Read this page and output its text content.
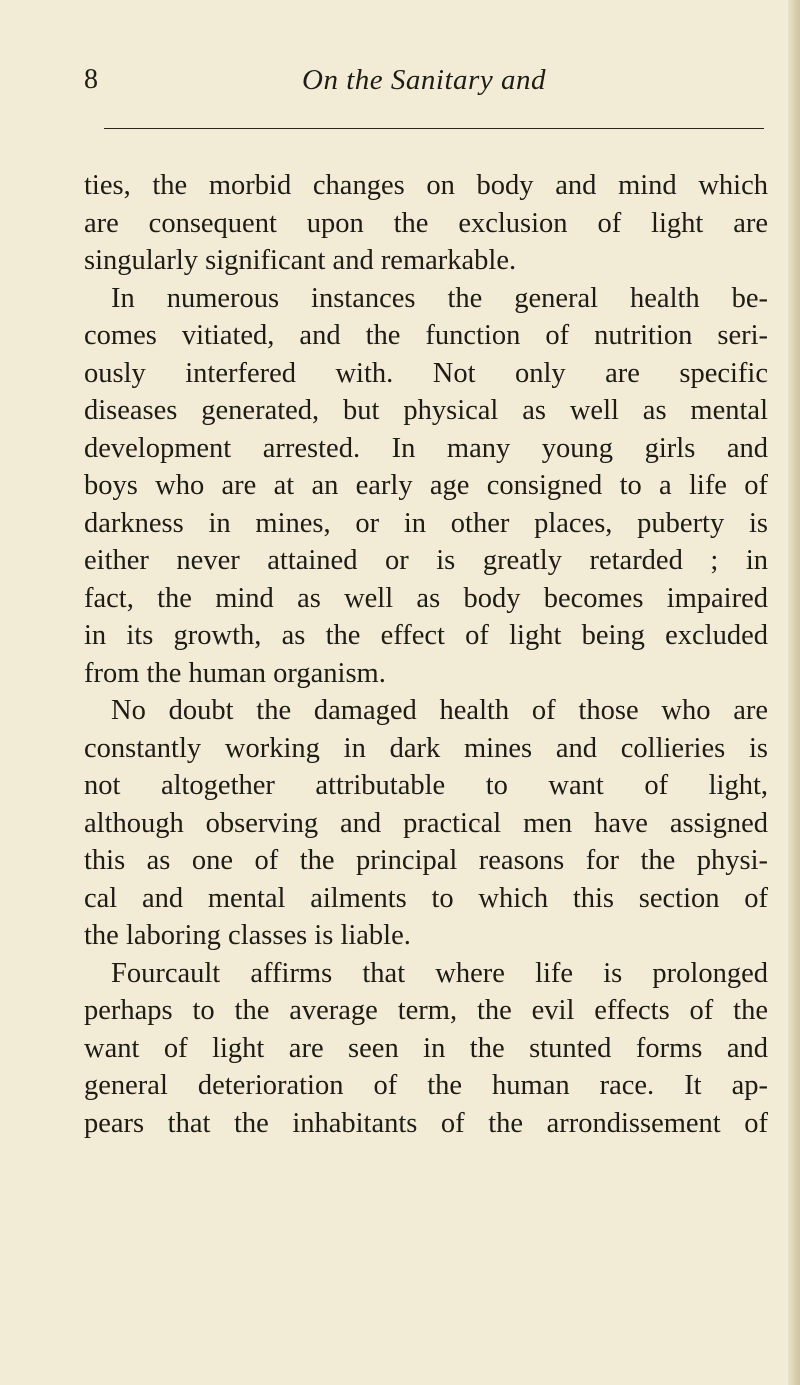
8	On the Sanitary and
ties, the morbid changes on body and mind which
are consequent upon the exclusion of light are
singularly significant and remarkable.
In numerous instances the general health be-
comes vitiated, and the function of nutrition seri-
ously interfered with. Not only are specific
diseases generated, but physical as well as mental
development arrested. In many young girls and
boys who are at an early age consigned to a life of
darkness in mines, or in other places, puberty is
either never attained or is greatly retarded ; in
fact, the mind as well as body becomes impaired
in its growth, as the effect of light being excluded
from the human organism.
No doubt the damaged health of those who are
constantly working in dark mines and collieries is
not altogether attributable to want of light,
although observing and practical men have assigned
this as one of the principal reasons for the physi-
cal and mental ailments to which this section of
the laboring classes is liable.
Fourcault affirms that where life is prolonged
perhaps to the average term, the evil effects of the
want of light are seen in the stunted forms and
general deterioration of the human race. It ap-
pears that the inhabitants of the arrondissement of
